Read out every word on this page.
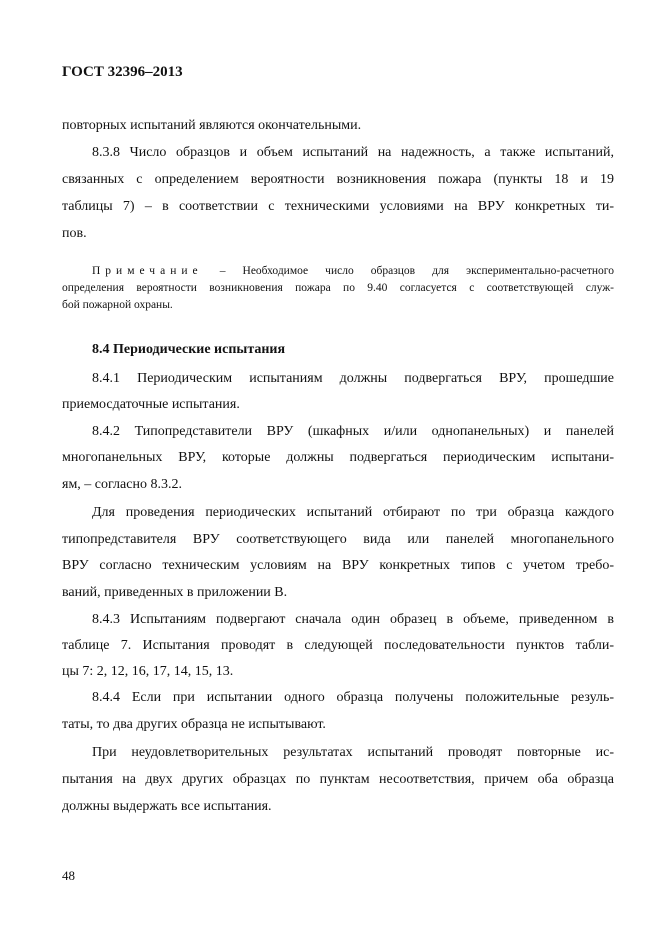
ГОСТ 32396–2013
повторных испытаний являются окончательными.
8.3.8 Число образцов и объем испытаний на надежность, а также испытаний,
связанных с определением вероятности возникновения пожара (пункты 18 и 19
таблицы 7) – в соответствии с техническими условиями на ВРУ конкретных ти-
пов.
Примечание – Необходимое число образцов для экспериментально-расчетного
определения вероятности возникновения пожара по 9.40 согласуется с соответствующей служ-
бой пожарной охраны.
8.4 Периодические испытания
8.4.1 Периодическим испытаниям должны подвергаться ВРУ, прошедшие
приемосдаточные испытания.
8.4.2 Типопредставители ВРУ (шкафных и/или однопанельных) и панелей
многопанельных ВРУ, которые должны подвергаться периодическим испытани-
ям, – согласно 8.3.2.
Для проведения периодических испытаний отбирают по три образца каждого
типопредставителя ВРУ соответствующего вида или панелей многопанельного
ВРУ согласно техническим условиям на ВРУ конкретных типов с учетом требо-
ваний, приведенных в приложении В.
8.4.3 Испытаниям подвергают сначала один образец в объеме, приведенном в
таблице 7. Испытания проводят в следующей последовательности пунктов табли-
цы 7: 2, 12, 16, 17, 14, 15, 13.
8.4.4 Если при испытании одного образца получены положительные резуль-
таты, то два других образца не испытывают.
При неудовлетворительных результатах испытаний проводят повторные ис-
пытания на двух других образцах по пунктам несоответствия, причем оба образца
должны выдержать все испытания.
48
